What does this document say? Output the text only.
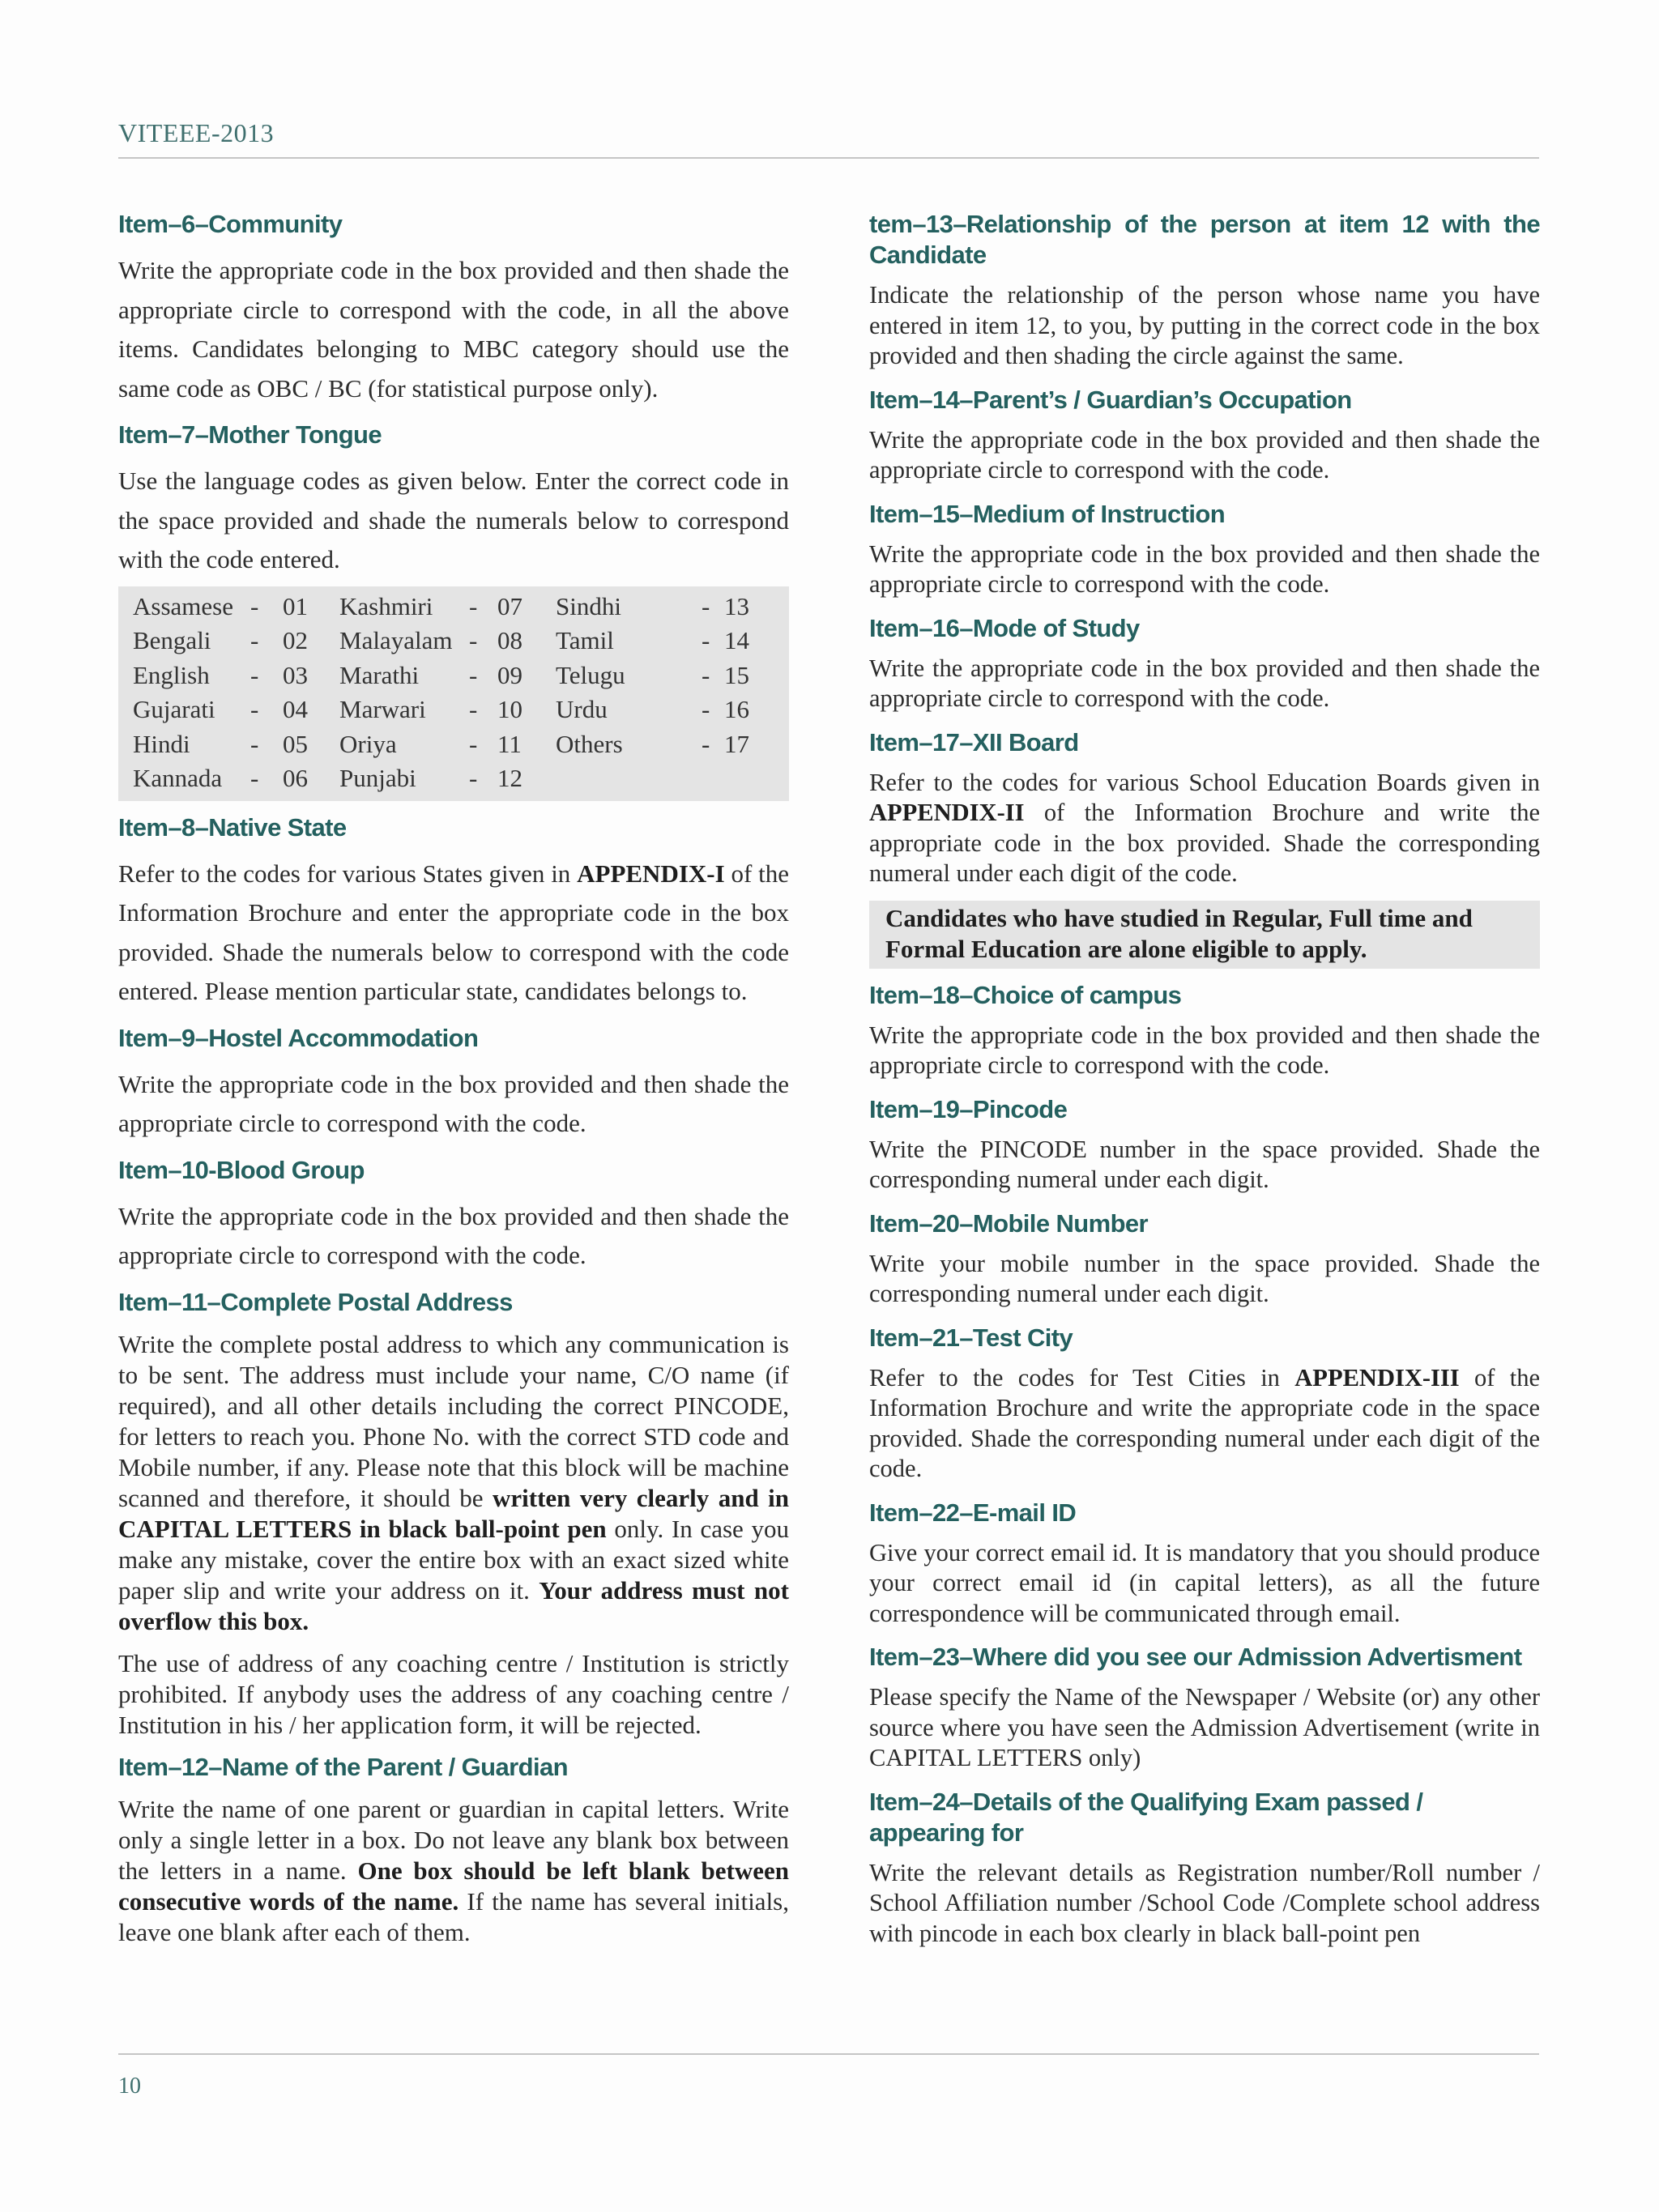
VITEEE-2013
Item–6–Community

Write the appropriate code in the box provided and then shade the appropriate circle to correspond with the code, in all the above items. Candidates belonging to MBC category should use the same code as OBC / BC (for statistical purpose only).

Item–7–Mother Tongue

Use the language codes as given below. Enter the correct code in the space provided and shade the numerals below to correspond with the code entered.

Assamese - 01	Kashmiri	- 07	Sindhi	- 13
Bengali	- 02	Malayalam - 08	Tamil	- 14
English	- 03	Marathi	- 09	Telugu	- 15
Gujarati	- 04	Marwari	- 10	Urdu	- 16
Hindi	- 05	Oriya	- 11	Others	- 17
Kannada	- 06	Punjabi	- 12
Item–8–Native State

Refer to the codes for various States given in APPENDIX-I of the Information Brochure and enter the appropriate code in the box provided. Shade the numerals below to correspond with the code entered. Please mention particular state, candidates belongs to.

Item–9–Hostel Accommodation

Write the appropriate code in the box provided and then shade the appropriate circle to correspond with the code.

Item–10-Blood Group

Write the appropriate code in the box provided and then shade the appropriate circle to correspond with the code.

Item–11–Complete Postal Address

Write the complete postal address to which any communication is to be sent. The address must include your name, C/O name (if required), and all other details including the correct PINCODE, for letters to reach you. Phone No. with the correct STD code and Mobile number, if any. Please note that this block will be machine scanned and therefore, it should be written very clearly and in CAPITAL LETTERS in black ball-point pen only. In case you make any mistake, cover the entire box with an exact sized white paper slip and write your address on it. Your address must not overflow this box.

The use of address of any coaching centre / Institution is strictly prohibited. If anybody uses the address of any coaching centre / Institution in his / her application form, it will be rejected.

Item–12–Name of the Parent / Guardian

Write the name of one parent or guardian in capital letters. Write only a single letter in a box. Do not leave any blank box between the letters in a name. One box should be left blank between consecutive words of the name. If the name has several initials, leave one blank after each of them.

tem–13–Relationship of the person at item 12 with the Candidate

Indicate the relationship of the person whose name you have entered in item 12, to you, by putting in the correct code in the box provided and then shading the circle against the same.

Item–14–Parent’s / Guardian’s Occupation

Write the appropriate code in the box provided and then shade the appropriate circle to correspond with the code.

Item–15–Medium of Instruction

Write the appropriate code in the box provided and then shade the appropriate circle to correspond with the code.

Item–16–Mode of Study

Write the appropriate code in the box provided and then shade the appropriate circle to correspond with the code.

Item–17–XII Board

Refer to the codes for various School Education Boards given in APPENDIX-II of the Information Brochure and write the appropriate code in the box provided. Shade the corresponding numeral under each digit of the code.

Candidates who have studied in Regular, Full time and Formal Education are alone eligible to apply.
Item–18–Choice of campus

Write the appropriate code in the box provided and then shade the appropriate circle to correspond with the code.

Item–19–Pincode

Write the PINCODE number in the space provided. Shade the corresponding numeral under each digit.

Item–20–Mobile Number

Write your mobile number in the space provided. Shade the corresponding numeral under each digit.

Item–21–Test City

Refer to the codes for Test Cities in APPENDIX-III of the Information Brochure and write the appropriate code in the space provided. Shade the corresponding numeral under each digit of the code.

Item–22–E-mail ID

Give your correct email id. It is mandatory that you should produce your correct email id (in capital letters), as all the future correspondence will be communicated through email.

Item–23–Where did you see our Admission Advertisment

Please specify the Name of the Newspaper / Website (or) any other source where you have seen the Admission Advertisement (write in CAPITAL LETTERS only)

Item–24–Details of the Qualifying Exam passed / appearing for

Write the relevant details as Registration number/Roll number / School Affiliation number /School Code /Complete school address with pincode in each box clearly in black ball-point pen

10
